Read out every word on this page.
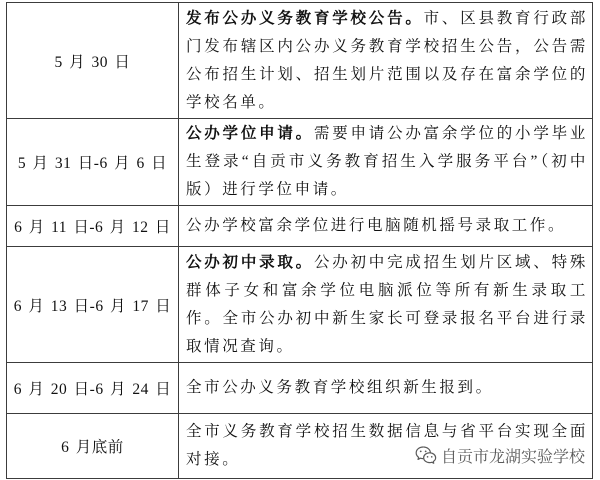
5 月 30 日

发布公办义务教育学校公告。市、区县教育行政部门发布辖区内公办义务教育学校招生公告，公告需公布招生计划、招生划片范围以及存在富余学位的学校名单。

5 月 31 日-6 月 6 日

公办学位申请。需要申请公办富余学位的小学毕业生登录“自贡市义务教育招生入学服务平台”（初中版）进行学位申请。

6 月 11 日-6 月 12 日 公办学校富余学位进行电脑随机摇号录取工作。

6 月 13 日-6 月 17 日

公办初中录取。公办初中完成招生划片区域、特殊群体子女和富余学位电脑派位等所有新生录取工作。全市公办初中新生家长可登录报名平台进行录取情况查询。

6 月 20 日-6 月 24 日 全市公办义务教育学校组织新生报到。

6 月底前

全市义务教育学校招生数据信息与省平台实现全面对接。	自贡市龙湖实验学校
